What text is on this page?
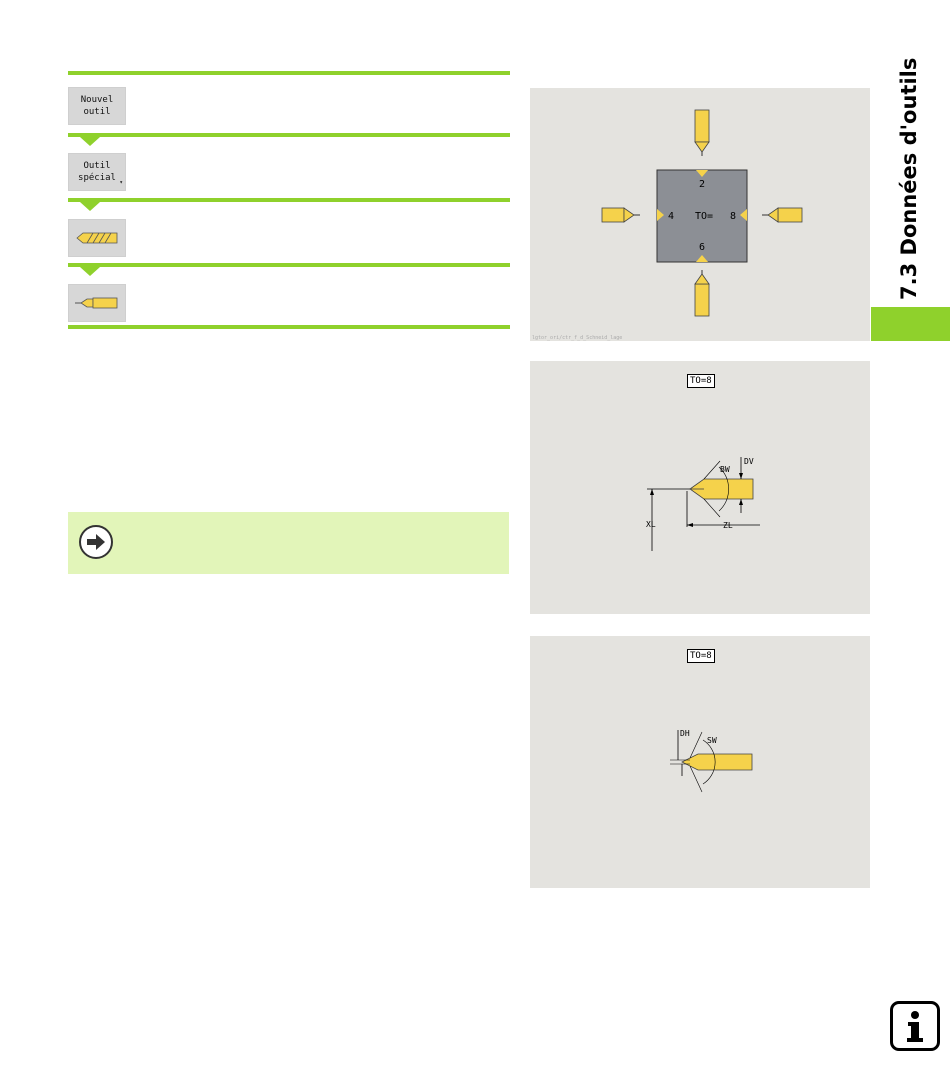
Nouvel
outil
Outil
spécial ▾	2
4 TO= 8
6
lgtor_ori/ctr_f_d_Schneid_lage
TO=8
XL	ZL
DV
BW
TO=8
DH
SW
7.3 Données d'outils
